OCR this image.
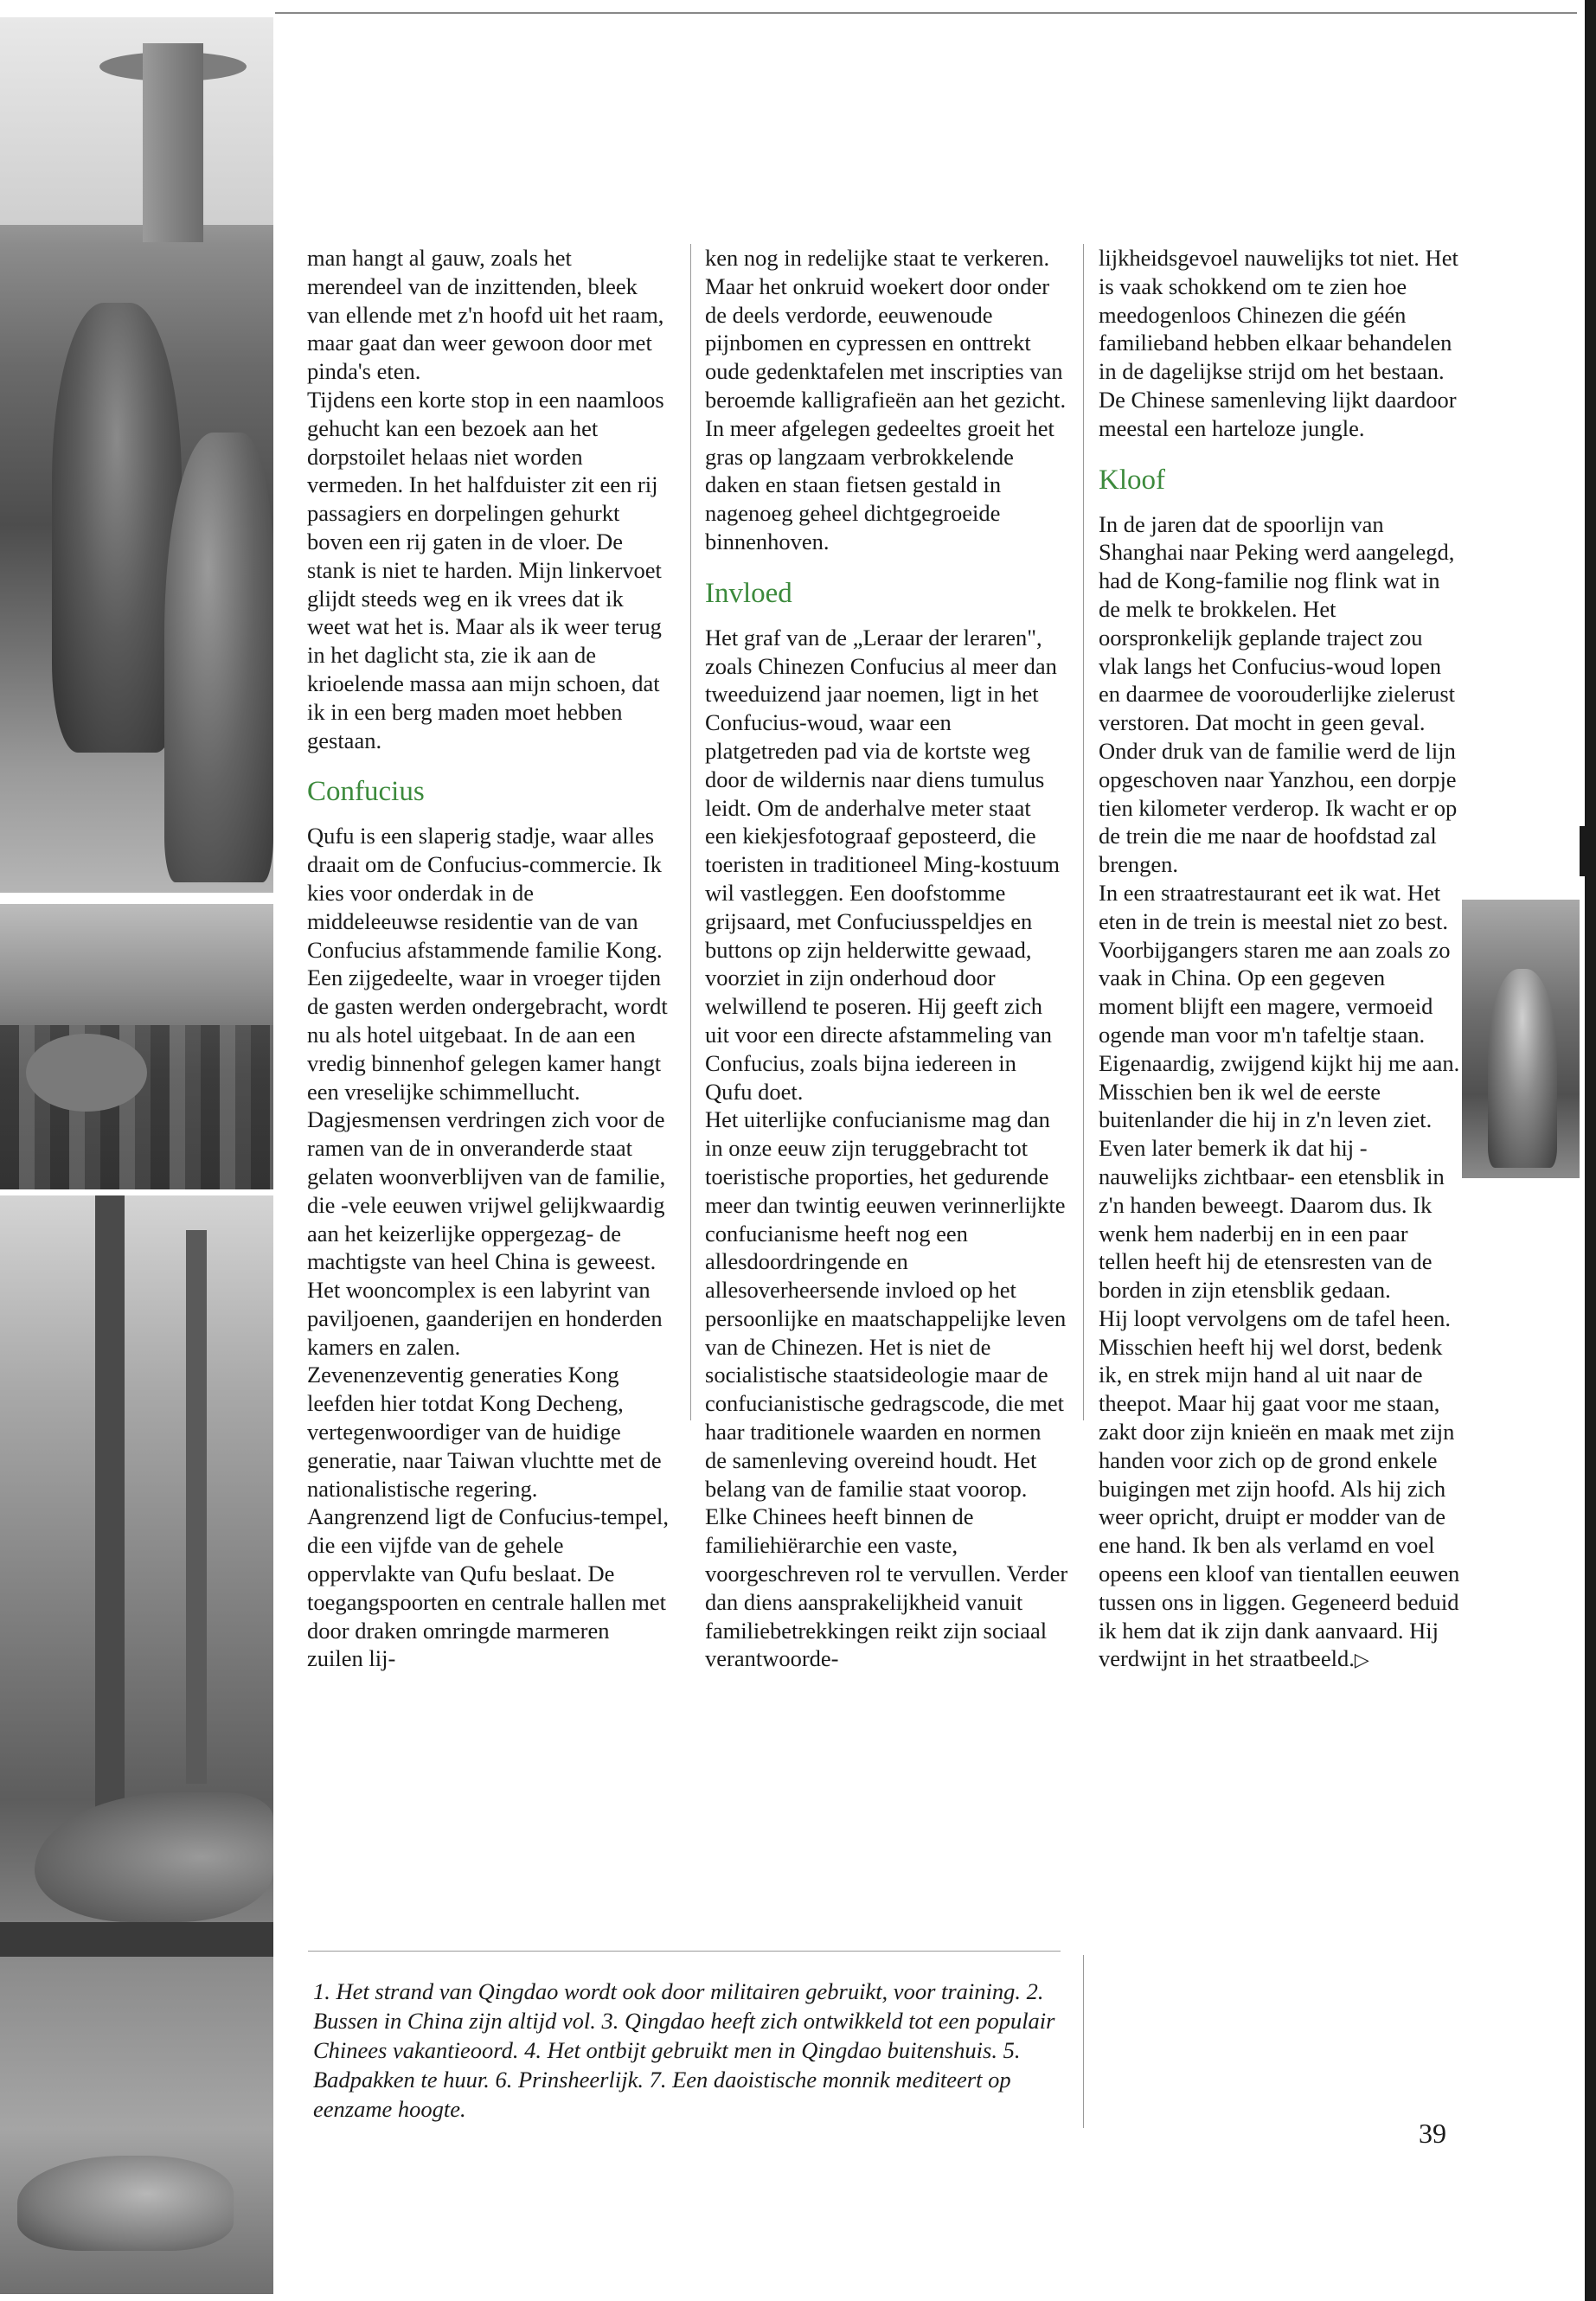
man hangt al gauw, zoals het merendeel van de inzittenden, bleek van ellende met z'n hoofd uit het raam, maar gaat dan weer gewoon door met pinda's eten.

Tijdens een korte stop in een naamloos gehucht kan een bezoek aan het dorpstoilet helaas niet worden vermeden. In het halfduister zit een rij passagiers en dorpelingen gehurkt boven een rij gaten in de vloer. De stank is niet te harden. Mijn linkervoet glijdt steeds weg en ik vrees dat ik weet wat het is. Maar als ik weer terug in het daglicht sta, zie ik aan de krioelende massa aan mijn schoen, dat ik in een berg maden moet hebben gestaan.

Confucius

Qufu is een slaperig stadje, waar alles draait om de Confucius-commercie. Ik kies voor onderdak in de middeleeuwse residentie van de van Confucius afstammende familie Kong. Een zijgedeelte, waar in vroeger tijden de gasten werden ondergebracht, wordt nu als hotel uitgebaat. In de aan een vredig binnenhof gelegen kamer hangt een vreselijke schimmellucht. Dagjesmensen verdringen zich voor de ramen van de in onveranderde staat gelaten woonverblijven van de familie, die -vele eeuwen vrijwel gelijkwaardig aan het keizerlijke oppergezag- de machtigste van heel China is geweest. Het wooncomplex is een labyrint van paviljoenen, gaanderijen en honderden kamers en zalen.

Zevenenzeventig generaties Kong leefden hier totdat Kong Decheng, vertegenwoordiger van de huidige generatie, naar Taiwan vluchtte met de nationalistische regering.

Aangrenzend ligt de Confucius-tempel, die een vijfde van de gehele oppervlakte van Qufu beslaat. De toegangspoorten en centrale hallen met door draken omringde marmeren zuilen lij-

ken nog in redelijke staat te verkeren. Maar het onkruid woekert door onder de deels verdorde, eeuwenoude pijnbomen en cypressen en onttrekt oude gedenktafelen met inscripties van beroemde kalligrafieën aan het gezicht. In meer afgelegen gedeeltes groeit het gras op langzaam verbrokkelende daken en staan fietsen gestald in nagenoeg geheel dichtgegroeide binnenhoven.

Invloed

Het graf van de „Leraar der leraren", zoals Chinezen Confucius al meer dan tweeduizend jaar noemen, ligt in het Confucius-woud, waar een platgetreden pad via de kortste weg door de wildernis naar diens tumulus leidt. Om de anderhalve meter staat een kiekjesfotograaf geposteerd, die toeristen in traditioneel Ming-kostuum wil vastleggen. Een doofstomme grijsaard, met Confuciusspeldjes en buttons op zijn helderwitte gewaad, voorziet in zijn onderhoud door welwillend te poseren. Hij geeft zich uit voor een directe afstammeling van Confucius, zoals bijna iedereen in Qufu doet.

Het uiterlijke confucianisme mag dan in onze eeuw zijn teruggebracht tot toeristische proporties, het gedurende meer dan twintig eeuwen verinnerlijkte confucianisme heeft nog een allesdoordringende en allesoverheersende invloed op het persoonlijke en maatschappelijke leven van de Chinezen. Het is niet de socialistische staatsideologie maar de confucianistische gedragscode, die met haar traditionele waarden en normen de samenleving overeind houdt. Het belang van de familie staat voorop. Elke Chinees heeft binnen de familiehiërarchie een vaste, voorgeschreven rol te vervullen. Verder dan diens aansprakelijkheid vanuit familiebetrekkingen reikt zijn sociaal verantwoorde-

lijkheidsgevoel nauwelijks tot niet. Het is vaak schokkend om te zien hoe meedogenloos Chinezen die géén familieband hebben elkaar behandelen in de dagelijkse strijd om het bestaan. De Chinese samenleving lijkt daardoor meestal een harteloze jungle.

Kloof

In de jaren dat de spoorlijn van Shanghai naar Peking werd aangelegd, had de Kong-familie nog flink wat in de melk te brokkelen. Het oorspronkelijk geplande traject zou vlak langs het Confucius-woud lopen en daarmee de voorouderlijke zielerust verstoren. Dat mocht in geen geval. Onder druk van de familie werd de lijn opgeschoven naar Yanzhou, een dorpje tien kilometer verderop. Ik wacht er op de trein die me naar de hoofdstad zal brengen.

In een straatrestaurant eet ik wat. Het eten in de trein is meestal niet zo best. Voorbijgangers staren me aan zoals zo vaak in China. Op een gegeven moment blijft een magere, vermoeid ogende man voor m'n tafeltje staan. Eigenaardig, zwijgend kijkt hij me aan. Misschien ben ik wel de eerste buitenlander die hij in z'n leven ziet. Even later bemerk ik dat hij -nauwelijks zichtbaar- een etensblik in z'n handen beweegt. Daarom dus. Ik wenk hem naderbij en in een paar tellen heeft hij de etensresten van de borden in zijn etensblik gedaan.

Hij loopt vervolgens om de tafel heen. Misschien heeft hij wel dorst, bedenk ik, en strek mijn hand al uit naar de theepot. Maar hij gaat voor me staan, zakt door zijn knieën en maak met zijn handen voor zich op de grond enkele buigingen met zijn hoofd. Als hij zich weer opricht, druipt er modder van de ene hand. Ik ben als verlamd en voel opeens een kloof van tientallen eeuwen tussen ons in liggen. Gegeneerd beduid ik hem dat ik zijn dank aanvaard. Hij verdwijnt in het straatbeeld.▷

1. Het strand van Qingdao wordt ook door militairen gebruikt, voor training. 2. Bussen in China zijn altijd vol. 3. Qingdao heeft zich ontwikkeld tot een populair Chinees vakantieoord. 4. Het ontbijt gebruikt men in Qingdao buitenshuis. 5. Badpakken te huur. 6. Prinsheerlijk. 7. Een daoistische monnik mediteert op eenzame hoogte.

39
